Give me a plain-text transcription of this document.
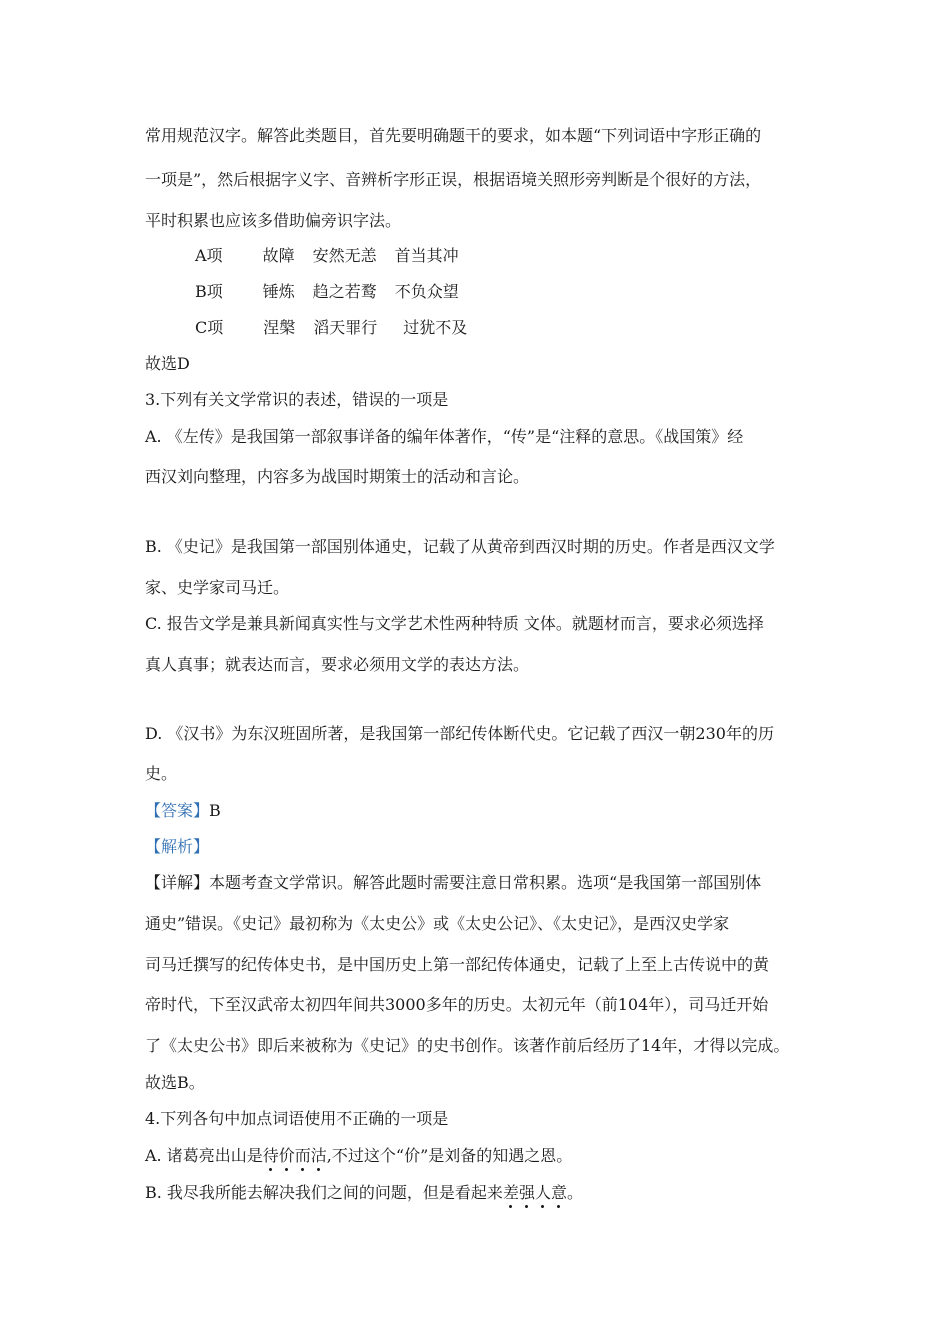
常用规范汉字。解答此类题目，首先要明确题干的要求，如本题“下列词语中字形正确的
一项是”，然后根据字义字、音辨析字形正误，根据语境关照形旁判断是个很好的方法，
平时积累也应该多借助偏旁识字法。
A项	故障 安然无恙 首当其冲
B项	锤炼 趋之若鹜 不负众望
C项	涅槃 滔天罪行 过犹不及
故选D
3.下列有关文学常识的表述，错误的一项是
A. 《左传》是我国第一部叙事详备的编年体著作，“传”是“注释的意思。《战国策》经
西汉刘向整理，内容多为战国时期策士的活动和言论。
B. 《史记》是我国第一部国别体通史，记载了从黄帝到西汉时期的历史。作者是西汉文学
家、史学家司马迁。
C. 报告文学是兼具新闻真实性与文学艺术性两种特质 文体。就题材而言，要求必须选择
真人真事；就表达而言，要求必须用文学的表达方法。
D. 《汉书》为东汉班固所著，是我国第一部纪传体断代史。它记载了西汉一朝230年的历
史。
【答案】B
【解析】
【详解】本题考查文学常识。解答此题时需要注意日常积累。选项“是我国第一部国别体
通史”错误。《史记》最初称为《太史公》或《太史公记》、《太史记》，是西汉史学家
司马迁撰写的纪传体史书，是中国历史上第一部纪传体通史，记载了上至上古传说中的黄
帝时代，下至汉武帝太初四年间共3000多年的历史。太初元年（前104年），司马迁开始
了《太史公书》即后来被称为《史记》的史书创作。该著作前后经历了14年，才得以完成。
故选B。
4.下列各句中加点词语使用不正确的一项是
A. 诸葛亮出山是待价而沽,不过这个“价”是刘备的知遇之恩。
B. 我尽我所能去解决我们之间的问题，但是看起来差强人意。
